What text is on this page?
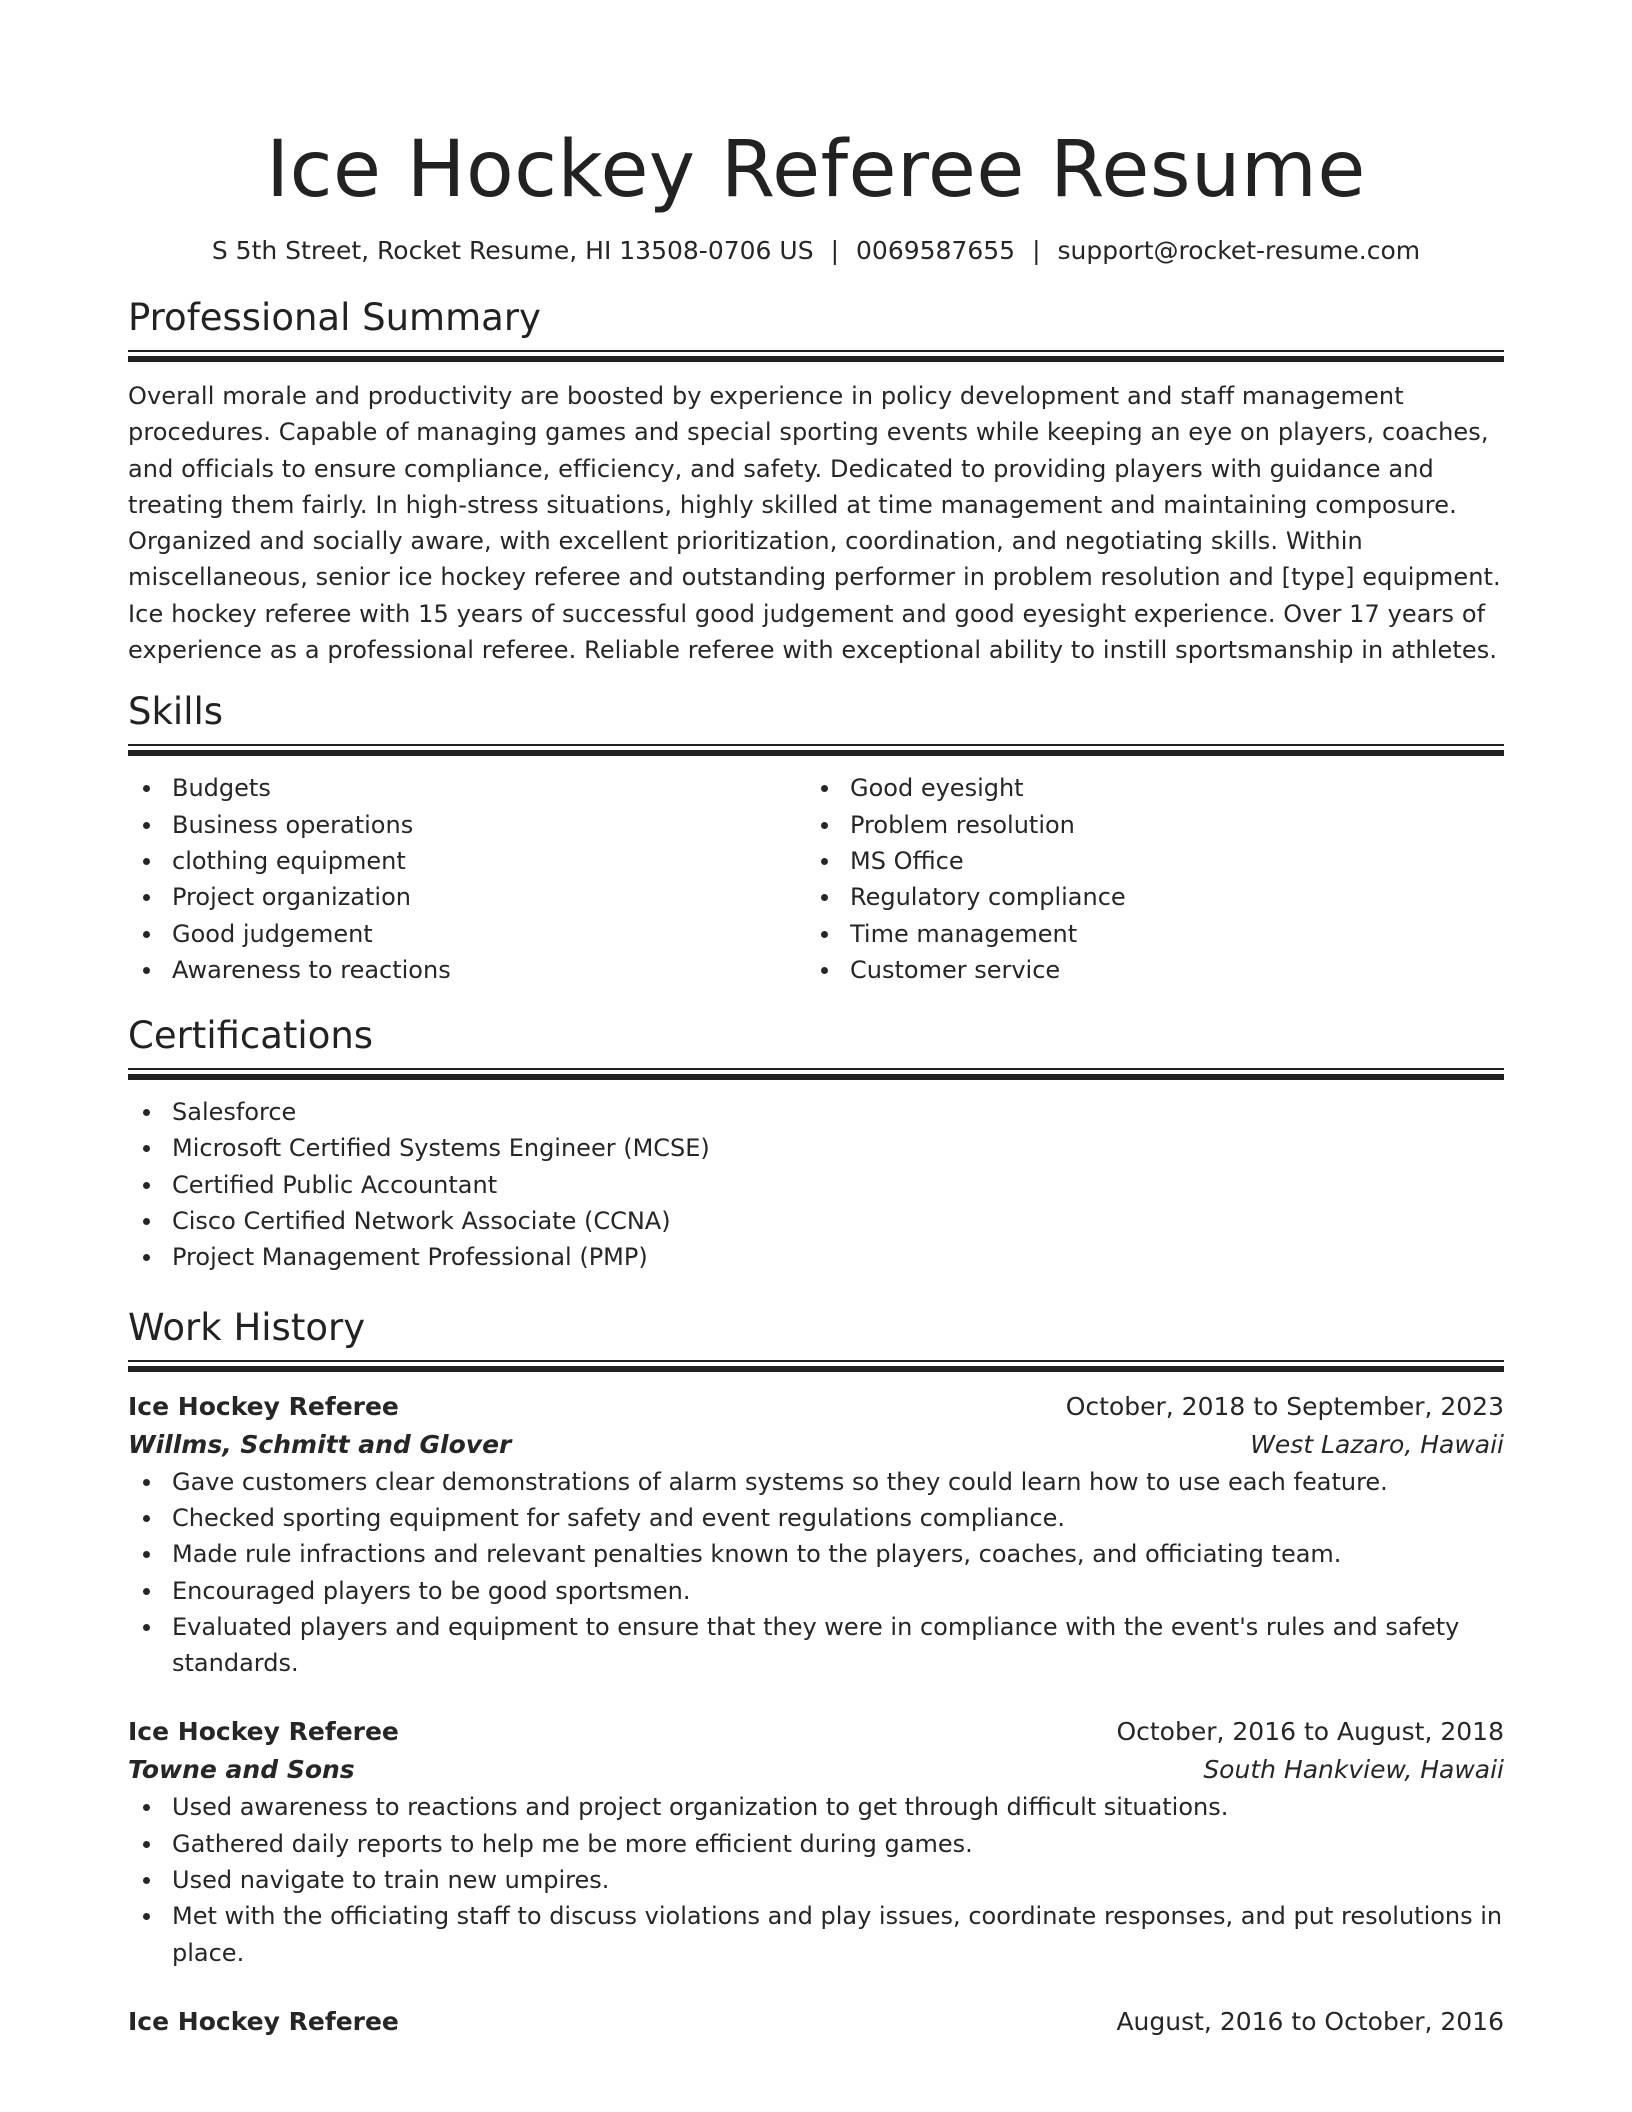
Ice Hockey Referee Resume
S 5th Street, Rocket Resume, HI 13508-0706 US | 0069587655 | support@rocket-resume.com
Professional Summary

Overall morale and productivity are boosted by experience in policy development and staff management procedures. Capable of managing games and special sporting events while keeping an eye on players, coaches, and officials to ensure compliance, efficiency, and safety. Dedicated to providing players with guidance and treating them fairly. In high-stress situations, highly skilled at time management and maintaining composure. Organized and socially aware, with excellent prioritization, coordination, and negotiating skills. Within miscellaneous, senior ice hockey referee and outstanding performer in problem resolution and [type] equipment. Ice hockey referee with 15 years of successful good judgement and good eyesight experience. Over 17 years of experience as a professional referee. Reliable referee with exceptional ability to instill sportsmanship in athletes.

Skills
Budgets
Business operations
clothing equipment
Project organization
Good judgement
Awareness to reactions
Good eyesight
Problem resolution
MS Office
Regulatory compliance
Time management
Customer service
Certifications
Salesforce
Microsoft Certified Systems Engineer (MCSE)
Certified Public Accountant
Cisco Certified Network Associate (CCNA)
Project Management Professional (PMP)
Work History
Ice Hockey Referee	October, 2018 to September, 2023
Willms, Schmitt and Glover	West Lazaro, Hawaii
Gave customers clear demonstrations of alarm systems so they could learn how to use each feature.
Checked sporting equipment for safety and event regulations compliance.
Made rule infractions and relevant penalties known to the players, coaches, and officiating team.
Encouraged players to be good sportsmen.
Evaluated players and equipment to ensure that they were in compliance with the event's rules and safety standards.
Ice Hockey Referee	October, 2016 to August, 2018
Towne and Sons	South Hankview, Hawaii
Used awareness to reactions and project organization to get through difficult situations.
Gathered daily reports to help me be more efficient during games.
Used navigate to train new umpires.
Met with the officiating staff to discuss violations and play issues, coordinate responses, and put resolutions in place.
Ice Hockey Referee	August, 2016 to October, 2016
